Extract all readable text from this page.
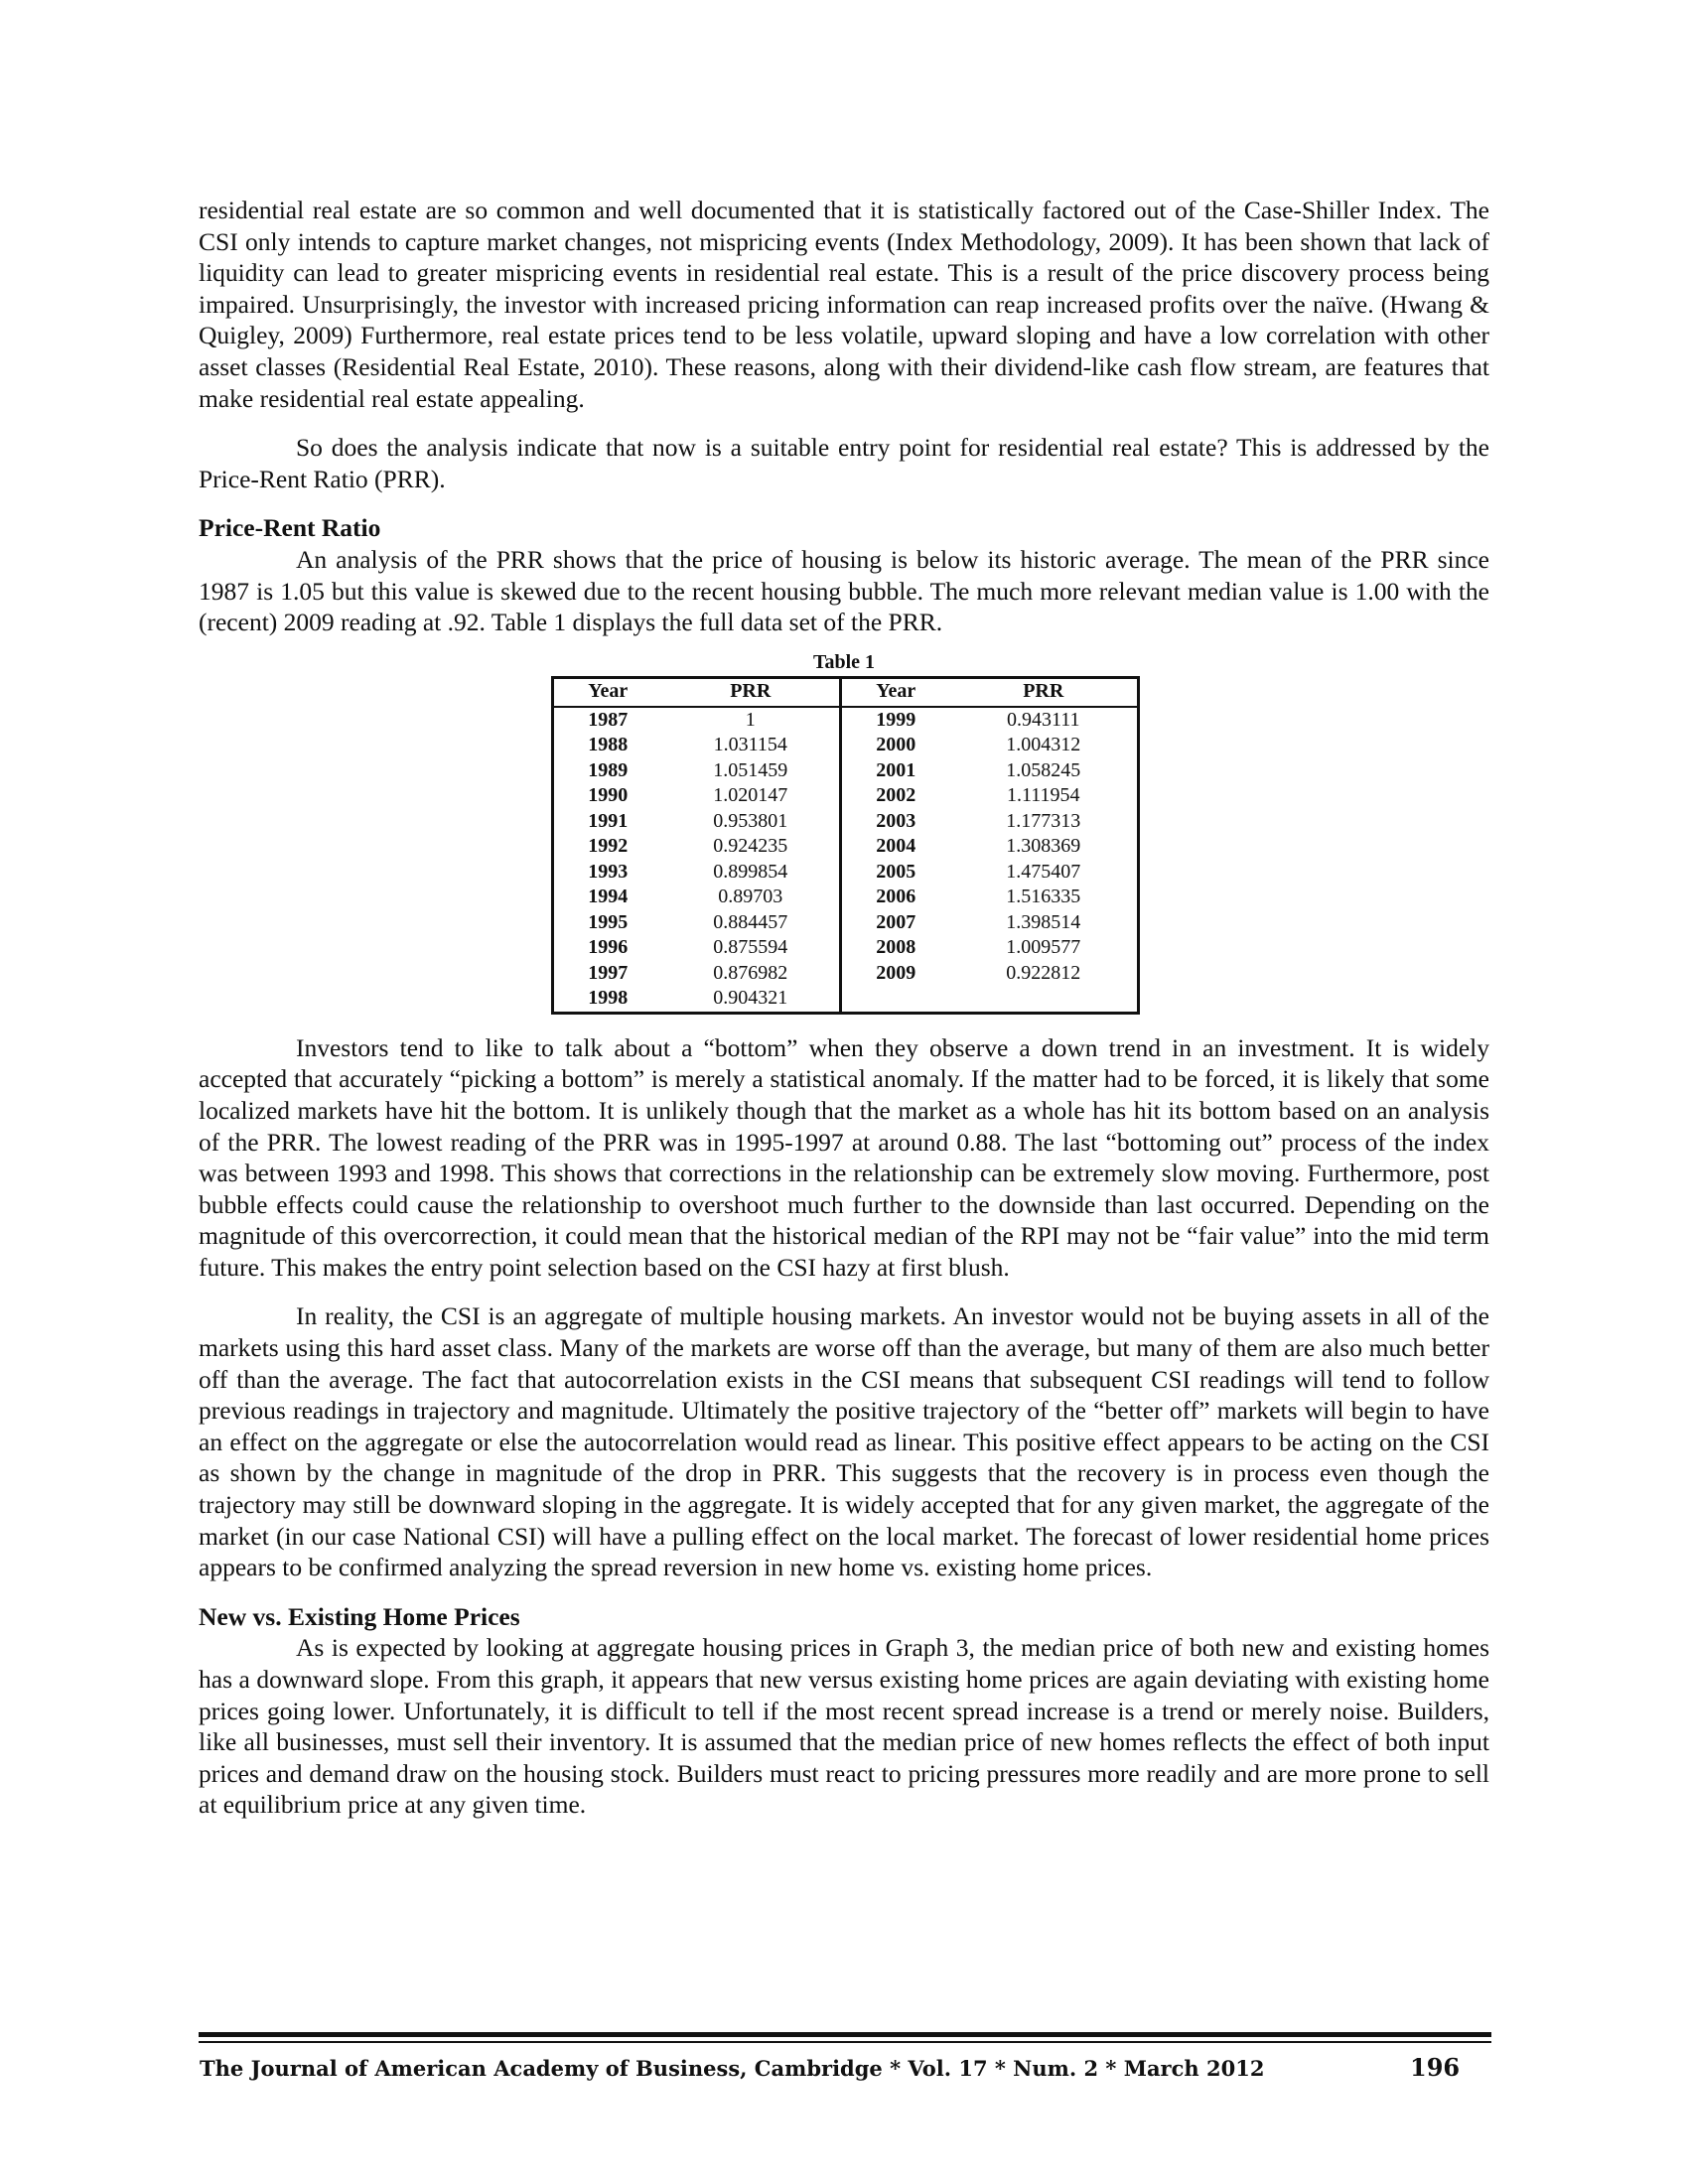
residential real estate are so common and well documented that it is statistically factored out of the Case-Shiller Index. The CSI only intends to capture market changes, not mispricing events (Index Methodology, 2009). It has been shown that lack of liquidity can lead to greater mispricing events in residential real estate. This is a result of the price discovery process being impaired. Unsurprisingly, the investor with increased pricing information can reap increased profits over the naïve. (Hwang & Quigley, 2009) Furthermore, real estate prices tend to be less volatile, upward sloping and have a low correlation with other asset classes (Residential Real Estate, 2010). These reasons, along with their dividend-like cash flow stream, are features that make residential real estate appealing.

So does the analysis indicate that now is a suitable entry point for residential real estate? This is addressed by the Price-Rent Ratio (PRR).

Price-Rent Ratio

An analysis of the PRR shows that the price of housing is below its historic average. The mean of the PRR since 1987 is 1.05 but this value is skewed due to the recent housing bubble. The much more relevant median value is 1.00 with the (recent) 2009 reading at .92. Table 1 displays the full data set of the PRR.

Table 1
Year	PRR	Year	PRR
1987	1	1999	0.943111
1988	1.031154	2000	1.004312
1989	1.051459	2001	1.058245
1990	1.020147	2002	1.111954
1991	0.953801	2003	1.177313
1992	0.924235	2004	1.308369
1993	0.899854	2005	1.475407
1994	0.89703	2006	1.516335
1995	0.884457	2007	1.398514
1996	0.875594	2008	1.009577
1997	0.876982	2009	0.922812
1998	0.904321		

Investors tend to like to talk about a “bottom” when they observe a down trend in an investment. It is widely accepted that accurately “picking a bottom” is merely a statistical anomaly. If the matter had to be forced, it is likely that some localized markets have hit the bottom. It is unlikely though that the market as a whole has hit its bottom based on an analysis of the PRR. The lowest reading of the PRR was in 1995-1997 at around 0.88. The last “bottoming out” process of the index was between 1993 and 1998. This shows that corrections in the relationship can be extremely slow moving. Furthermore, post bubble effects could cause the relationship to overshoot much further to the downside than last occurred. Depending on the magnitude of this overcorrection, it could mean that the historical median of the RPI may not be “fair value” into the mid term future. This makes the entry point selection based on the CSI hazy at first blush.

In reality, the CSI is an aggregate of multiple housing markets. An investor would not be buying assets in all of the markets using this hard asset class. Many of the markets are worse off than the average, but many of them are also much better off than the average. The fact that autocorrelation exists in the CSI means that subsequent CSI readings will tend to follow previous readings in trajectory and magnitude. Ultimately the positive trajectory of the “better off” markets will begin to have an effect on the aggregate or else the autocorrelation would read as linear. This positive effect appears to be acting on the CSI as shown by the change in magnitude of the drop in PRR. This suggests that the recovery is in process even though the trajectory may still be downward sloping in the aggregate. It is widely accepted that for any given market, the aggregate of the market (in our case National CSI) will have a pulling effect on the local market. The forecast of lower residential home prices appears to be confirmed analyzing the spread reversion in new home vs. existing home prices.

New vs. Existing Home Prices

As is expected by looking at aggregate housing prices in Graph 3, the median price of both new and existing homes has a downward slope. From this graph, it appears that new versus existing home prices are again deviating with existing home prices going lower. Unfortunately, it is difficult to tell if the most recent spread increase is a trend or merely noise. Builders, like all businesses, must sell their inventory. It is assumed that the median price of new homes reflects the effect of both input prices and demand draw on the housing stock. Builders must react to pricing pressures more readily and are more prone to sell at equilibrium price at any given time.

The Journal of American Academy of Business, Cambridge * Vol. 17 * Num. 2 * March 2012	196
